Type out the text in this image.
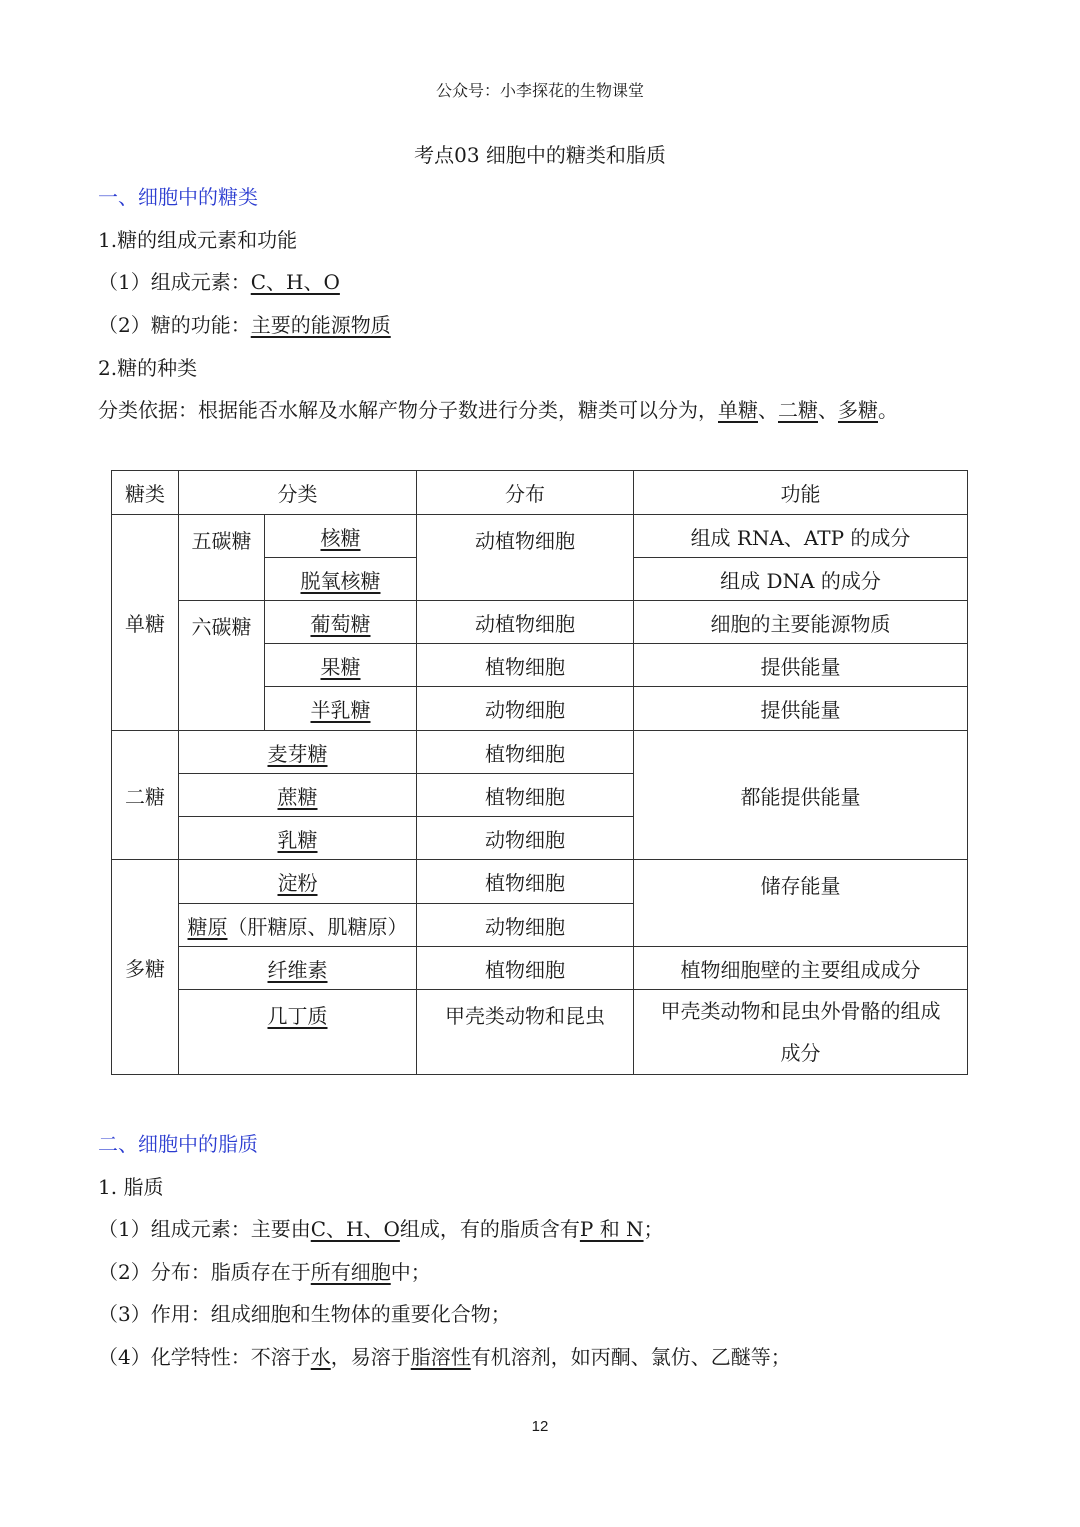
公众号：小李探花的生物课堂
考点03 细胞中的糖类和脂质
一、细胞中的糖类
1.糖的组成元素和功能
（1）组成元素：C、H、O
（2）糖的功能：主要的能源物质
2.糖的种类
分类依据：根据能否水解及水解产物分子数进行分类，糖类可以分为，单糖、二糖、多糖。
糖类	分类		分布	功能
单糖	五碳糖	核糖	动植物细胞	组成 RNA、ATP 的成分
		脱氧核糖		组成 DNA 的成分
	六碳糖	葡萄糖	动植物细胞	细胞的主要能源物质
		果糖	植物细胞	提供能量
		半乳糖	动物细胞	提供能量
二糖	麦芽糖		植物细胞	都能提供能量
	蔗糖		植物细胞	
	乳糖		动物细胞	
多糖	淀粉		植物细胞	储存能量
	糖原（肝糖原、肌糖原）		动物细胞	
	纤维素		植物细胞	植物细胞壁的主要组成成分
	几丁质		甲壳类动物和昆虫	甲壳类动物和昆虫外骨骼的组成
成分
二、细胞中的脂质
1. 脂质
（1）组成元素：主要由C、H、O组成，有的脂质含有P 和 N；
（2）分布：脂质存在于所有细胞中；
（3）作用：组成细胞和生物体的重要化合物；
（4）化学特性：不溶于水，易溶于脂溶性有机溶剂，如丙酮、氯仿、乙醚等；
12
